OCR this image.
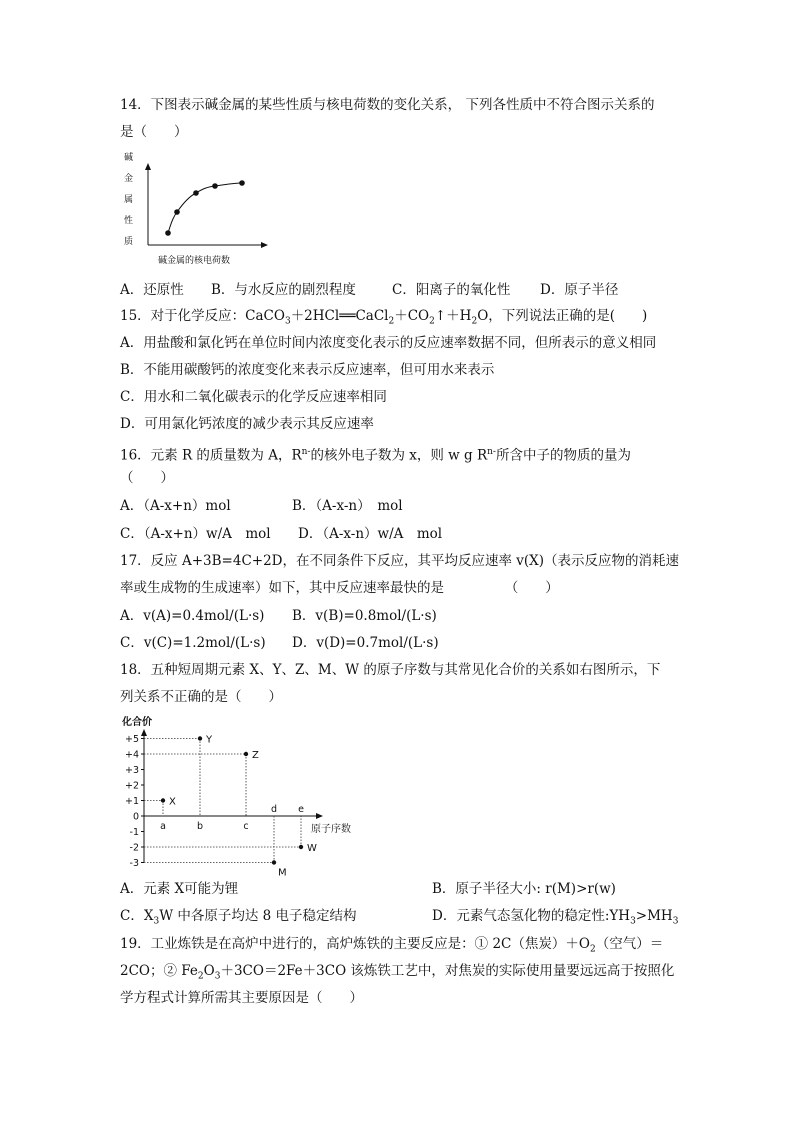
14．下图表示碱金属的某些性质与核电荷数的变化关系， 下列各性质中不符合图示关系的
是（　　）
碱
金
属
性
质
碱金属的核电荷数
A．还原性 B．与水反应的剧烈程度	C．阳离子的氧化性 D．原子半径
15．对于化学反应：$CaCO_3+2HCl══CaCl_2+CO_2↑+H_2O$，下列说法正确的是(　　)
A．用盐酸和氯化钙在单位时间内浓度变化表示的反应速率数据不同，但所表示的意义相同
B．不能用碳酸钙的浓度变化来表示反应速率，但可用水来表示
C．用水和二氧化碳表示的化学反应速率相同
D．可用氯化钙浓度的减少表示其反应速率
16．元素 R 的质量数为 A，$R^{n-}$的核外电子数为 x，则 w g $R^{n-}$所含中子的物质的量为
（　　）
A．（A-x+n）mol	B．（A-x-n）　mol
C．（A-x+n）w/A　mol D．（A-x-n）w/A　mol
17．反应 A+3B=4C+2D，在不同条件下反应，其平均反应速率 v(X)（表示反应物的消耗速
率或生成物的生成速率）如下，其中反应速率最快的是　　　　　（　　）
A．v(A)=0.4mol/(L·s) B．v(B)=0.8mol/(L·s)
C．v(C)=1.2mol/(L·s) D．v(D)=0.7mol/(L·s)
18．五种短周期元素 X、Y、Z、M、W 的原子序数与其常见化合价的关系如右图所示，下
列关系不正确的是（　　）
化合价
原子序数
+5
+4
+3
+2
+1
0
-1
-2
-3
a	b	c
d e
X
Y
Z
M
W
A．元素 X可能为锂	B．原子半径大小: r(M)>r(w)
C．$X_3W$ 中各原子均达 8 电子稳定结构	D．元素气态氢化物的稳定性$:YH_3>MH_3$
19．工业炼铁是在高炉中进行的，高炉炼铁的主要反应是：① 2C（焦炭）$+O_2$（空气）＝
2CO；② $Fe_2O_3+3CO=2Fe+3CO$ 该炼铁工艺中，对焦炭的实际使用量要远远高于按照化
学方程式计算所需其主要原因是（　　）
